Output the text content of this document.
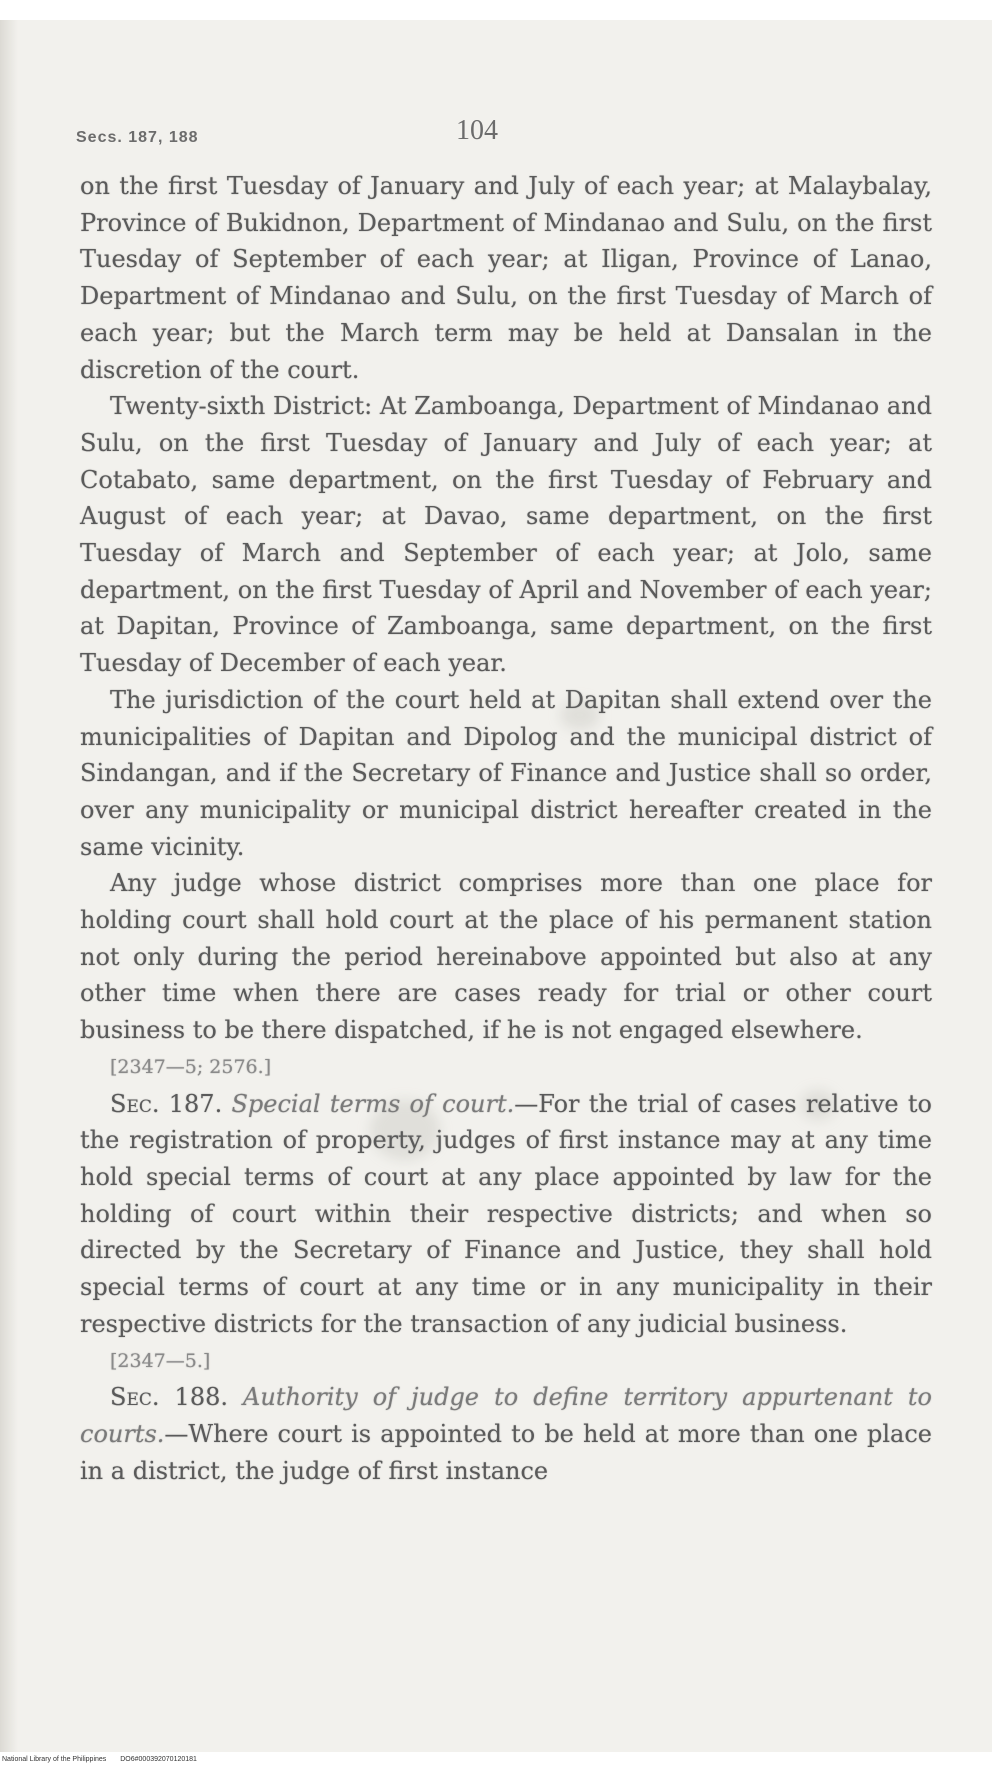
Secs. 187, 188	104

on the first Tuesday of January and July of each year; at Malaybalay, Province of Bukidnon, Department of Mindanao and Sulu, on the first Tuesday of September of each year; at Iligan, Province of Lanao, Department of Mindanao and Sulu, on the first Tuesday of March of each year; but the March term may be held at Dansalan in the discretion of the court.

Twenty-sixth District: At Zamboanga, Department of Mindanao and Sulu, on the first Tuesday of January and July of each year; at Cotabato, same department, on the first Tuesday of February and August of each year; at Davao, same department, on the first Tuesday of March and September of each year; at Jolo, same department, on the first Tuesday of April and November of each year; at Dapitan, Province of Zamboanga, same department, on the first Tuesday of December of each year.

The jurisdiction of the court held at Dapitan shall extend over the municipalities of Dapitan and Dipolog and the municipal district of Sindangan, and if the Secretary of Finance and Justice shall so order, over any municipality or municipal district hereafter created in the same vicinity.

Any judge whose district comprises more than one place for holding court shall hold court at the place of his permanent station not only during the period hereinabove appointed but also at any other time when there are cases ready for trial or other court business to be there dispatched, if he is not engaged elsewhere.

[2347—5; 2576.]

Sec. 187. Special terms of court.—For the trial of cases relative to the registration of property, judges of first instance may at any time hold special terms of court at any place appointed by law for the holding of court within their respective districts; and when so directed by the Secretary of Finance and Justice, they shall hold special terms of court at any time or in any municipality in their respective districts for the transaction of any judicial business.

[2347—5.]

Sec. 188. Authority of judge to define territory appurtenant to courts.—Where court is appointed to be held at more than one place in a district, the judge of first instance

National Library of the Philippines DO6#000392070120181
